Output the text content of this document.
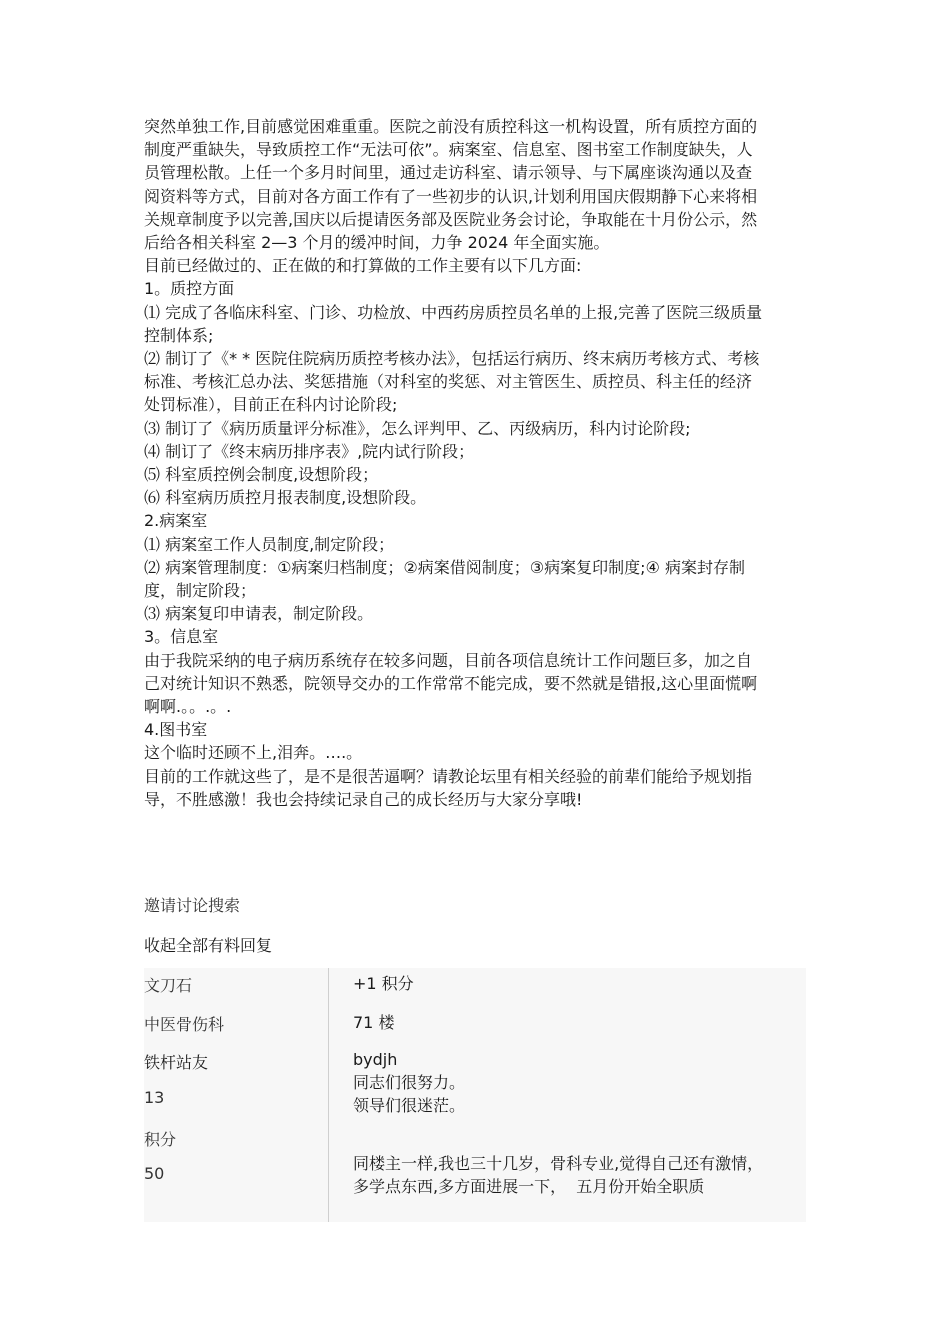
突然单独工作,目前感觉困难重重。医院之前没有质控科这一机构设置，所有质控方面的制度严重缺失，导致质控工作“无法可依”。病案室、信息室、图书室工作制度缺失，人员管理松散。上任一个多月时间里，通过走访科室、请示领导、与下属座谈沟通以及查阅资料等方式，目前对各方面工作有了一些初步的认识,计划利用国庆假期静下心来将相关规章制度予以完善,国庆以后提请医务部及医院业务会讨论，争取能在十月份公示，然后给各相关科室 2—3 个月的缓冲时间，力争 2024 年全面实施。

目前已经做过的、正在做的和打算做的工作主要有以下几方面:

1。质控方面

⑴ 完成了各临床科室、门诊、功检放、中西药房质控员名单的上报,完善了医院三级质量控制体系;

⑵ 制订了《* * 医院住院病历质控考核办法》，包括运行病历、终末病历考核方式、考核标准、考核汇总办法、奖惩措施（对科室的奖惩、对主管医生、质控员、科主任的经济处罚标准），目前正在科内讨论阶段;

⑶ 制订了《病历质量评分标准》，怎么评判甲、乙、丙级病历，科内讨论阶段;

⑷ 制订了《终末病历排序表》,院内试行阶段；

⑸ 科室质控例会制度,设想阶段；

⑹ 科室病历质控月报表制度,设想阶段。

2.病案室

⑴ 病案室工作人员制度,制定阶段；

⑵ 病案管理制度：①病案归档制度；②病案借阅制度；③病案复印制度;④ 病案封存制度，制定阶段；

⑶ 病案复印申请表，制定阶段。

3。信息室

由于我院采纳的电子病历系统存在较多问题，目前各项信息统计工作问题巨多，加之自己对统计知识不熟悉，院领导交办的工作常常不能完成，要不然就是错报,这心里面慌啊啊啊.。。.。.

4.图书室

这个临时还顾不上,泪奔。….。

目前的工作就这些了，是不是很苦逼啊？请教论坛里有相关经验的前辈们能给予规划指导，不胜感激！我也会持续记录自己的成长经历与大家分享哦!

邀请讨论搜索
收起全部有料回复
文刀石
中医骨伤科
铁杆站友
13
积分
50
+1 积分
71 楼
bydjh
同志们很努力。
领导们很迷茫。
同楼主一样,我也三十几岁，骨科专业,觉得自己还有激情，多学点东西,多方面进展一下，  五月份开始全职质
